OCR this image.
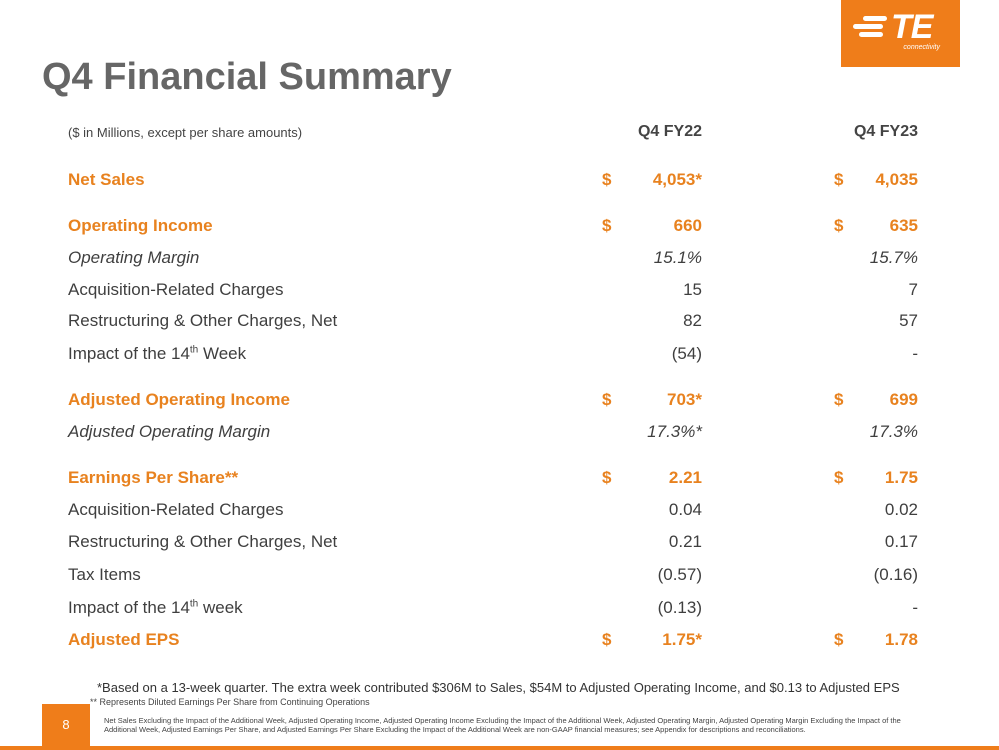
TE
connectivity
Q4 Financial Summary
($ in Millions, except per share amounts)	Q4 FY22	Q4 FY23
Net Sales	$ 4,053*	$ 4,035
Operating Income	$	660	$	635
Operating Margin	15.1%	15.7%
Acquisition-Related Charges	15	7
Restructuring & Other Charges, Net	82	57
Impact of the 14th Week	(54)	-
Adjusted Operating Income	$	703*	$	699
Adjusted Operating Margin	17.3%*	17.3%
Earnings Per Share**	$	2.21	$ 1.75
Acquisition-Related Charges	0.04	0.02
Restructuring & Other Charges, Net	0.21	0.17
Tax Items	(0.57)	(0.16)
Impact of the 14th week	(0.13)	-
Adjusted EPS	$	1.75*	$ 1.78
*Based on a 13-week quarter. The extra week contributed $306M to Sales, $54M to Adjusted Operating Income, and $0.13 to Adjusted EPS
** Represents Diluted Earnings Per Share from Continuing Operations
Net Sales Excluding the Impact of the Additional Week, Adjusted Operating Income, Adjusted Operating Income Excluding the Impact of the Additional Week, Adjusted Operating Margin, Adjusted Operating Margin Excluding the Impact of the Additional Week, Adjusted Earnings Per Share, and Adjusted Earnings Per Share Excluding the Impact of the Additional Week are non-GAAP financial measures; see Appendix for descriptions and reconciliations.
8
